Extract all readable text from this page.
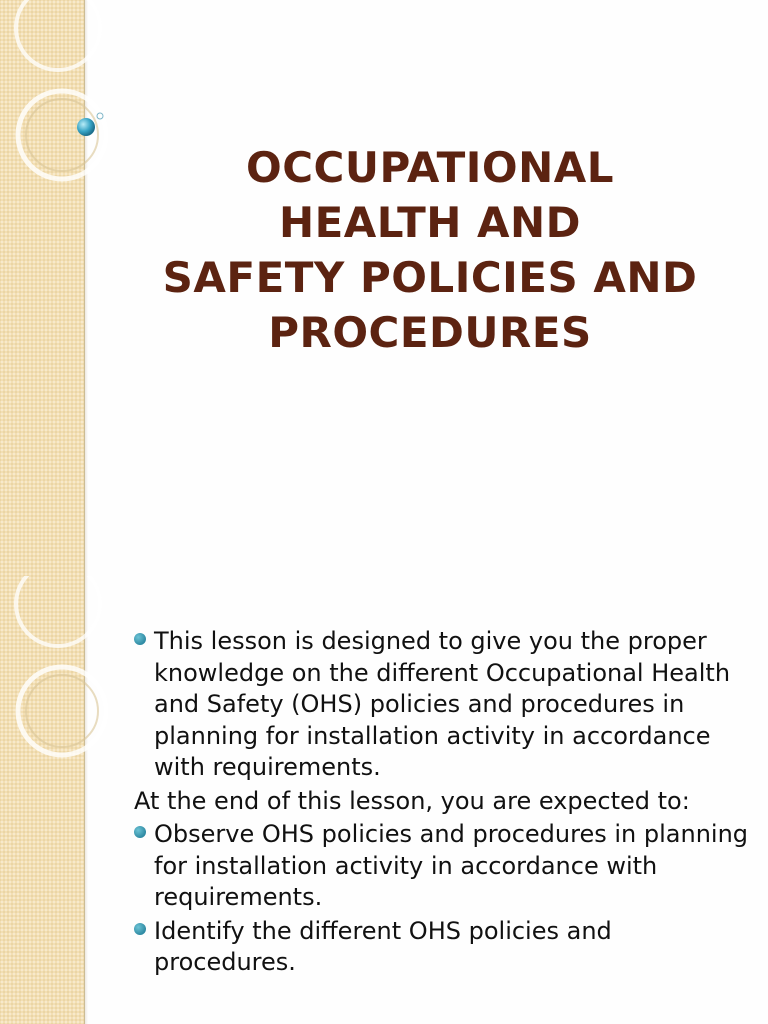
OCCUPATIONAL
HEALTH AND
SAFETY POLICIES AND
PROCEDURES
This lesson is designed to give you the proper knowledge on the different Occupational Health and Safety (OHS) policies and procedures in planning for installation activity in accordance with requirements.
At the end of this lesson, you are expected to:
Observe OHS policies and procedures in planning for installation activity in accordance with requirements.
Identify the different OHS policies and procedures.
